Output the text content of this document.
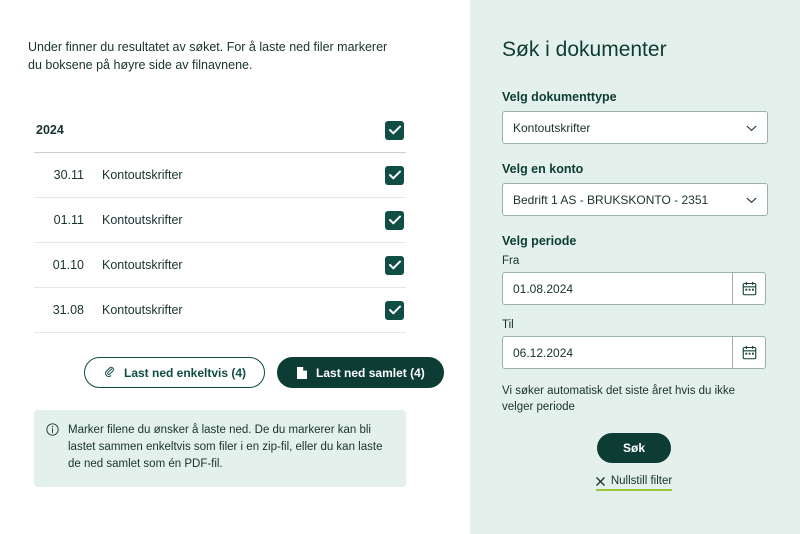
Under finner du resultatet av søket. For å laste ned filer markerer du boksene på høyre side av filnavnene.

2024
30.11	Kontoutskrifter
01.11	Kontoutskrifter
01.10	Kontoutskrifter
31.08	Kontoutskrifter
Last ned enkeltvis (4)	Last ned samlet (4)
Marker filene du ønsker å laste ned. De du markerer kan bli lastet sammen enkeltvis som filer i en zip-fil, eller du kan laste de ned samlet som én PDF-fil.
Søk i dokumenter
Velg dokumenttype
Kontoutskrifter
Velg en konto
Bedrift 1 AS - BRUKSKONTO - 2351
Velg periode
Fra
01.08.2024
Til
06.12.2024

Vi søker automatisk det siste året hvis du ikke velger periode

Søk
Nullstill filter
